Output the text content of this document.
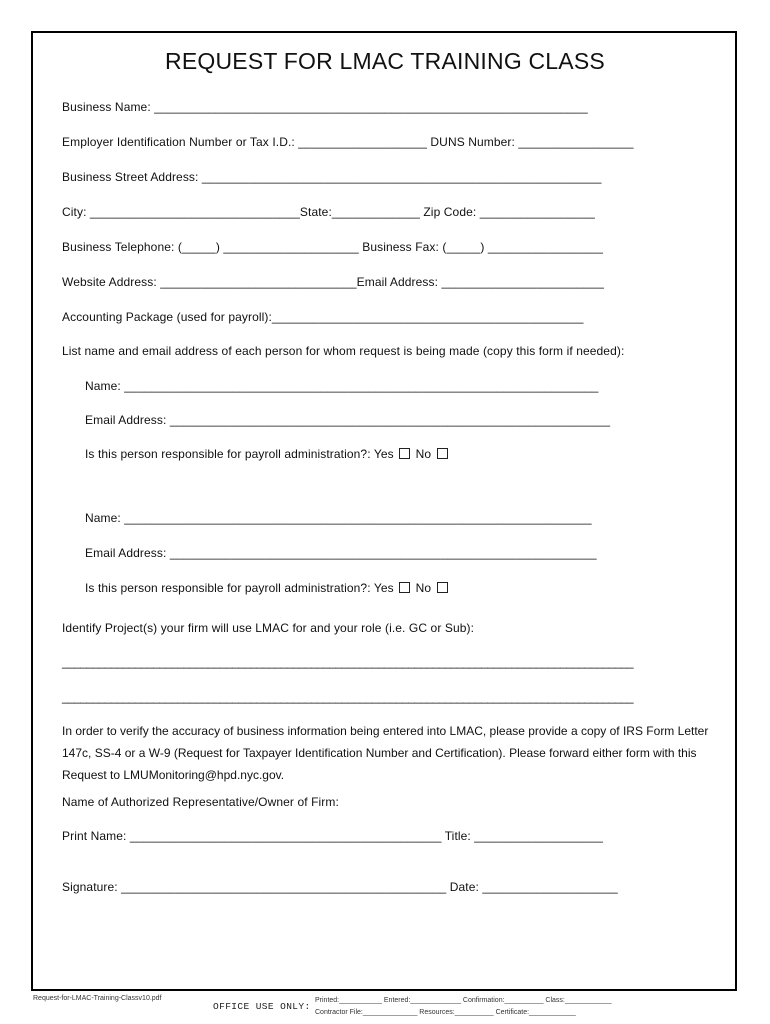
REQUEST FOR LMAC TRAINING CLASS
Business Name: ________________________________________________________________
Employer Identification Number or Tax I.D.: ___________________ DUNS Number: _________________
Business Street Address: ___________________________________________________________
City: _______________________________State:_____________ Zip Code: _________________
Business Telephone: (_____) ____________________ Business Fax: (_____) _________________
Website Address: _____________________________Email Address: ________________________
Accounting Package (used for payroll):______________________________________________
List name and email address of each person for whom request is being made (copy this form if needed):
Name: ______________________________________________________________________
Email Address: _________________________________________________________________
Is this person responsible for payroll administration?: Yes  No
Name: _____________________________________________________________________
Email Address: _______________________________________________________________
Is this person responsible for payroll administration?: Yes  No
Identify Project(s) your firm will use LMAC for and your role (i.e. GC or Sub):
______________________________________________________________________________________________
______________________________________________________________________________________________
In order to verify the accuracy of business information being entered into LMAC, please provide a copy of IRS Form Letter 147c, SS-4 or a W-9 (Request for Taxpayer Identification Number and Certification). Please forward either form with this Request to LMUMonitoring@hpd.nyc.gov.
Name of Authorized Representative/Owner of Firm:
Print Name: ______________________________________________ Title: ___________________
Signature: ________________________________________________ Date: ____________________
Request-for-LMAC-Training-Classv10.pdf
OFFICE USE ONLY:
Printed:___________ Entered:_____________ Confirmation:__________ Class:____________
Contractor File:______________ Resources:__________ Certificate:____________
